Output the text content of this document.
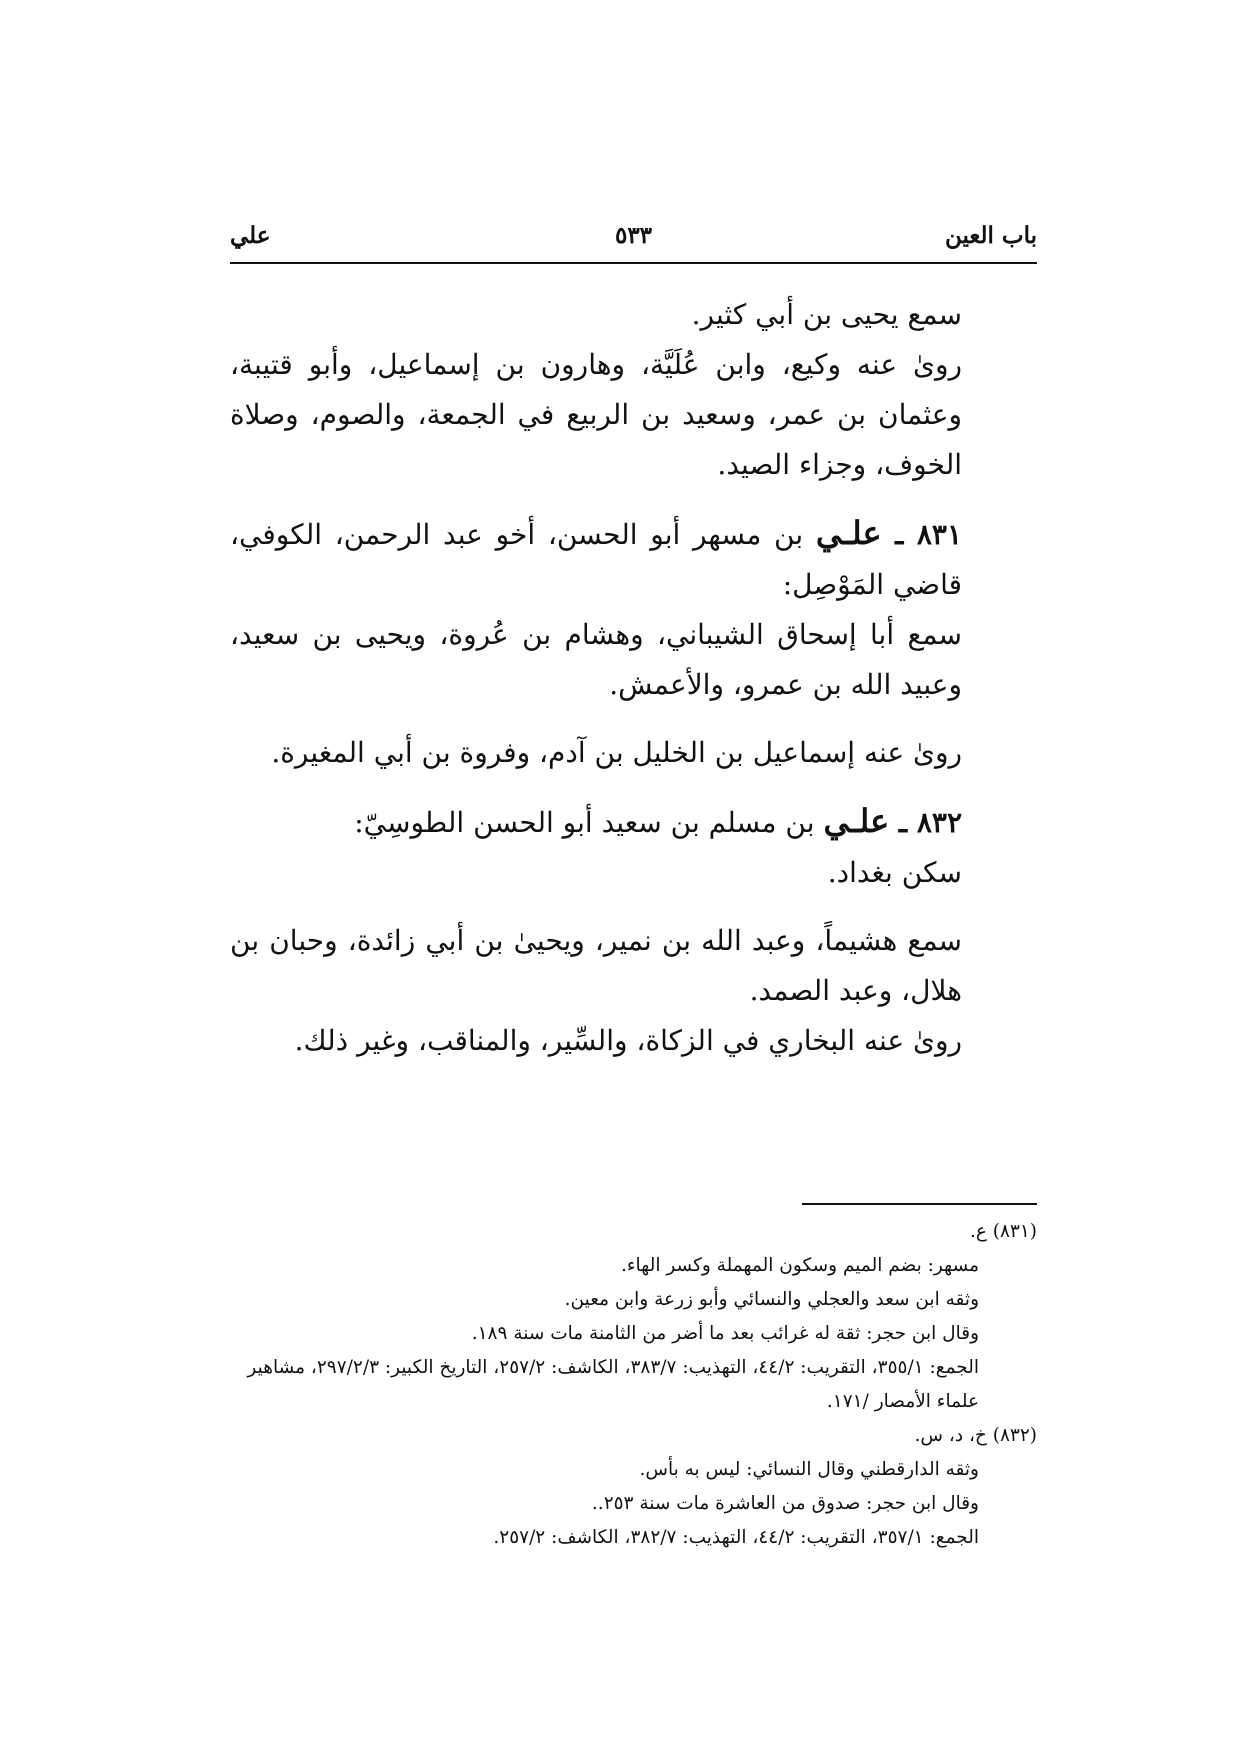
باب العين
٥٣٣
علي

سمع يحيى بن أبي كثير.

روىٰ عنه وكيع، وابن عُلَيَّة، وهارون بن إسماعيل، وأبو قتيبة، وعثمان بن عمر، وسعيد بن الربيع في الجمعة، والصوم، وصلاة الخوف، وجزاء الصيد.

٨٣١ ـ علـي بن مسهر أبو الحسن، أخو عبد الرحمن، الكوفي، قاضي المَوْصِل:

سمع أبا إسحاق الشيباني، وهشام بن عُروة، ويحيى بن سعيد، وعبيد الله بن عمرو، والأعمش.

روىٰ عنه إسماعيل بن الخليل بن آدم، وفروة بن أبي المغيرة.

٨٣٢ ـ علـي بن مسلم بن سعيد أبو الحسن الطوسِيّ:

سكن بغداد.

سمع هشيماً، وعبد الله بن نمير، ويحيىٰ بن أبي زائدة، وحبان بن هلال، وعبد الصمد.

روىٰ عنه البخاري في الزكاة، والسِّير، والمناقب، وغير ذلك.

(٨٣١) ع.

مسهر: بضم الميم وسكون المهملة وكسر الهاء.

وثقه ابن سعد والعجلي والنسائي وأبو زرعة وابن معين.

وقال ابن حجر: ثقة له غرائب بعد ما أضر من الثامنة مات سنة ١٨٩.

الجمع: ٣٥٥/١، التقريب: ٤٤/٢، التهذيب: ٣٨٣/٧، الكاشف: ٢٥٧/٢، التاريخ الكبير: ٢٩٧/٢/٣، مشاهير علماء الأمصار /١٧١.

(٨٣٢) خ، د، س.

وثقه الدارقطني وقال النسائي: ليس به بأس.

وقال ابن حجر: صدوق من العاشرة مات سنة ٢٥٣..

الجمع: ٣٥٧/١، التقريب: ٤٤/٢، التهذيب: ٣٨٢/٧، الكاشف: ٢٥٧/٢.
